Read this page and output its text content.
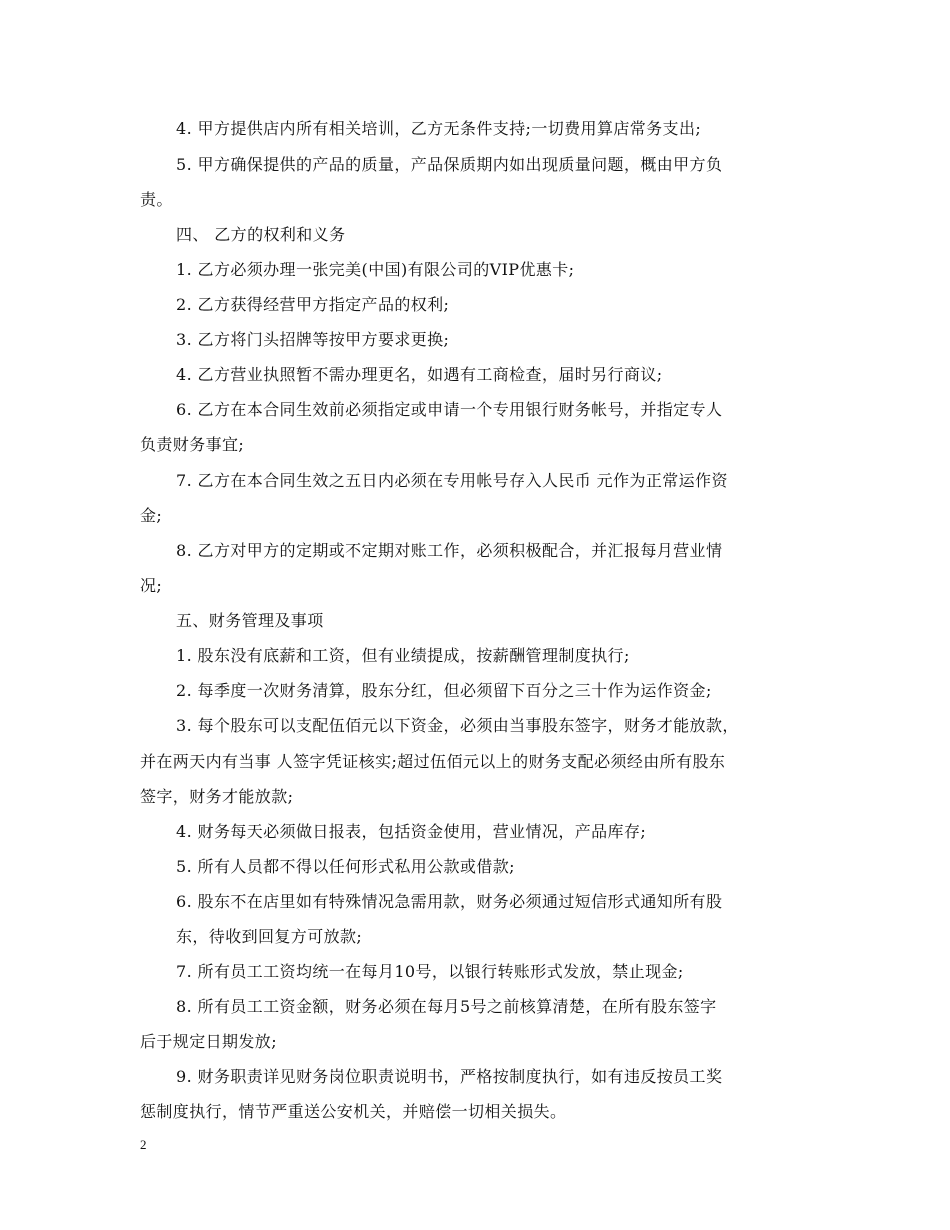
4. 甲方提供店内所有相关培训，乙方无条件支持;一切费用算店常务支出;
5. 甲方确保提供的产品的质量，产品保质期内如出现质量问题，概由甲方负
责。
四、 乙方的权利和义务
1. 乙方必须办理一张完美(中国)有限公司的VIP优惠卡;
2. 乙方获得经营甲方指定产品的权利;
3. 乙方将门头招牌等按甲方要求更换;
4. 乙方营业执照暂不需办理更名，如遇有工商检查，届时另行商议;
6. 乙方在本合同生效前必须指定或申请一个专用银行财务帐号，并指定专人
负责财务事宜;
7. 乙方在本合同生效之五日内必须在专用帐号存入人民币 元作为正常运作资
金;
8. 乙方对甲方的定期或不定期对账工作，必须积极配合，并汇报每月营业情
况;
五、财务管理及事项
1. 股东没有底薪和工资，但有业绩提成，按薪酬管理制度执行;
2. 每季度一次财务清算，股东分红，但必须留下百分之三十作为运作资金;
3. 每个股东可以支配伍佰元以下资金，必须由当事股东签字，财务才能放款，
并在两天内有当事 人签字凭证核实;超过伍佰元以上的财务支配必须经由所有股东
签字，财务才能放款;
4. 财务每天必须做日报表，包括资金使用，营业情况，产品库存;
5. 所有人员都不得以任何形式私用公款或借款;
6. 股东不在店里如有特殊情况急需用款，财务必须通过短信形式通知所有股
东，待收到回复方可放款;
7. 所有员工工资均统一在每月10号，以银行转账形式发放，禁止现金;
8. 所有员工工资金额，财务必须在每月5号之前核算清楚，在所有股东签字
后于规定日期发放;
9. 财务职责详见财务岗位职责说明书，严格按制度执行，如有违反按员工奖
惩制度执行，情节严重送公安机关，并赔偿一切相关损失。
2
